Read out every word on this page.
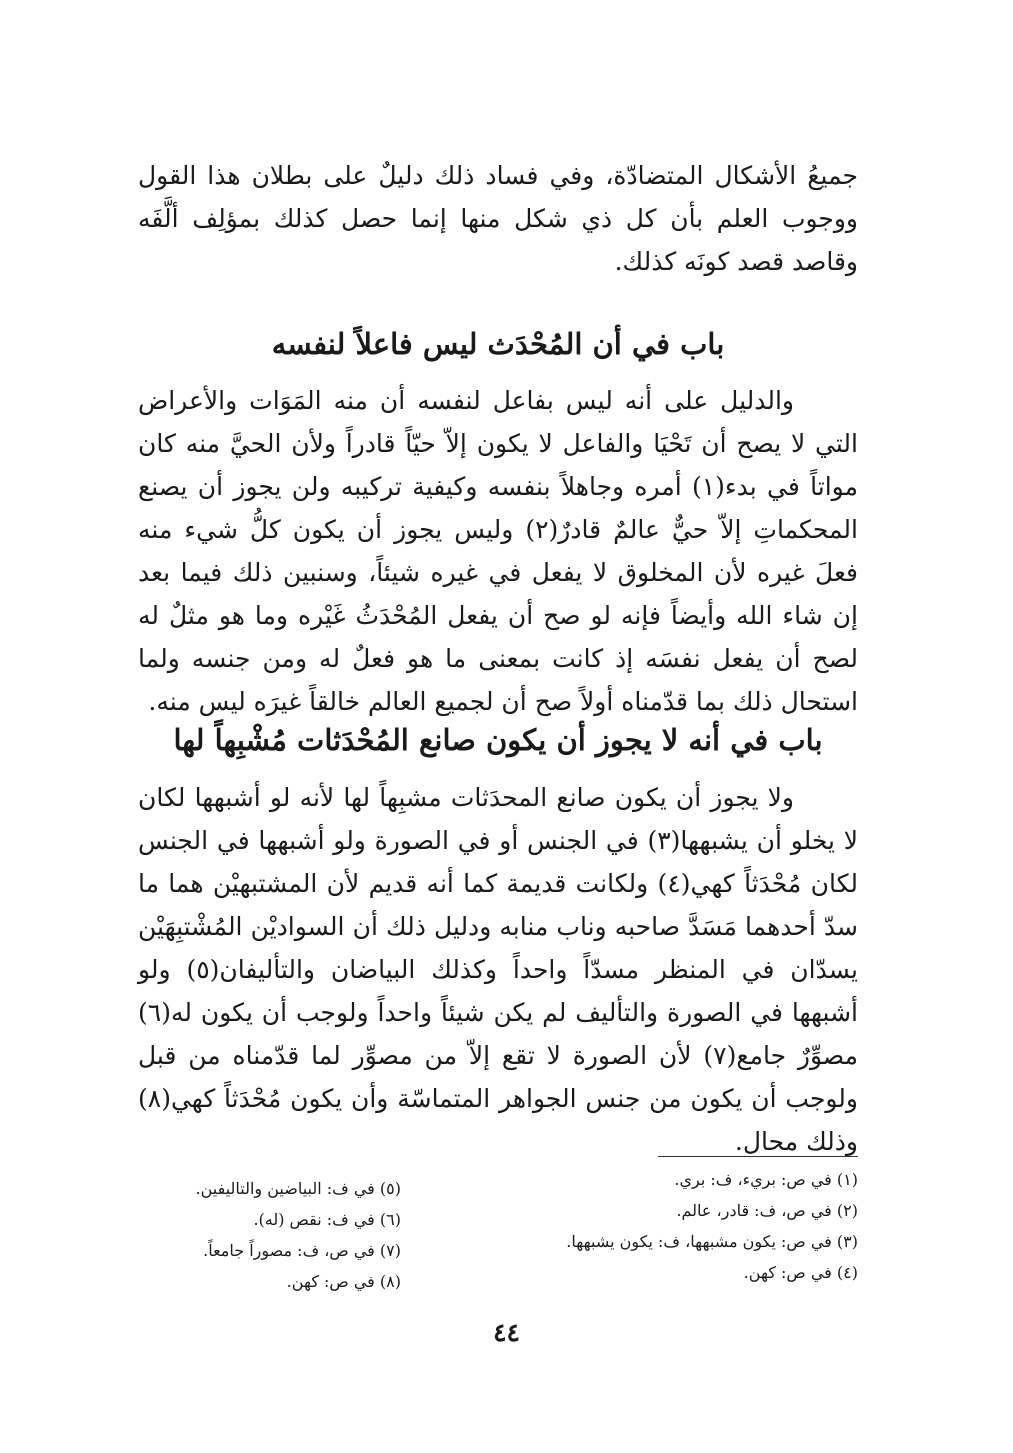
جميعُ الأشكال المتضادّة، وفي فساد ذلك دليلٌ على بطلان هذا القول ووجوب العلم بأن كل ذي شكل منها إنما حصل كذلك بمؤلِف ألَّفَه وقاصد قصد كونَه كذلك.

باب في أن المُحْدَث ليس فاعلاً لنفسه

والدليل على أنه ليس بفاعل لنفسه أن منه المَوَات والأعراض التي لا يصح أن تَحْيَا والفاعل لا يكون إلاّ حيّاً قادراً ولأن الحيَّ منه كان مواتاً في بدء(١) أمره وجاهلاً بنفسه وكيفية تركيبه ولن يجوز أن يصنع المحكماتِ إلاّ حيٌّ عالمٌ قادرٌ(٢) وليس يجوز أن يكون كلُّ شيء منه فعلَ غيره لأن المخلوق لا يفعل في غيره شيئاً، وسنبين ذلك فيما بعد إن شاء الله وأيضاً فإنه لو صح أن يفعل المُحْدَثُ غَيْره وما هو مثلٌ له لصح أن يفعل نفسَه إذ كانت بمعنى ما هو فعلٌ له ومن جنسه ولما استحال ذلك بما قدّمناه أولاً صح أن لجميع العالم خالقاً غيرَه ليس منه.

باب في أنه لا يجوز أن يكون صانع المُحْدَثات مُشْبِهاً لها

ولا يجوز أن يكون صانع المحدَثات مشبِهاً لها لأنه لو أشبهها لكان لا يخلو أن يشبهها(٣) في الجنس أو في الصورة ولو أشبهها في الجنس لكان مُحْدَثاً كهي(٤) ولكانت قديمة كما أنه قديم لأن المشتبهيْن هما ما سدّ أحدهما مَسَدَّ صاحبه وناب منابه ودليل ذلك أن السواديْن المُشْتبِهَيْن يسدّان في المنظر مسدّاً واحداً وكذلك البياضان والتأليفان(٥) ولو أشبهها في الصورة والتأليف لم يكن شيئاً واحداً ولوجب أن يكون له(٦) مصوِّرٌ جامع(٧) لأن الصورة لا تقع إلاّ من مصوِّر لما قدّمناه من قبل ولوجب أن يكون من جنس الجواهر المتماسّة وأن يكون مُحْدَثاً كهي(٨) وذلك محال.

(١) في ص: بريء، ف: بري.
(٢) في ص، ف: قادر، عالم.
(٣) في ص: يكون مشبهها، ف: يكون يشبهها.
(٤) في ص: كهن.
(٥) في ف: البياضين والتاليفين.
(٦) في ف: نقص (له).
(٧) في ص، ف: مصوراً جامعاً.
(٨) في ص: كهن.
٤٤
